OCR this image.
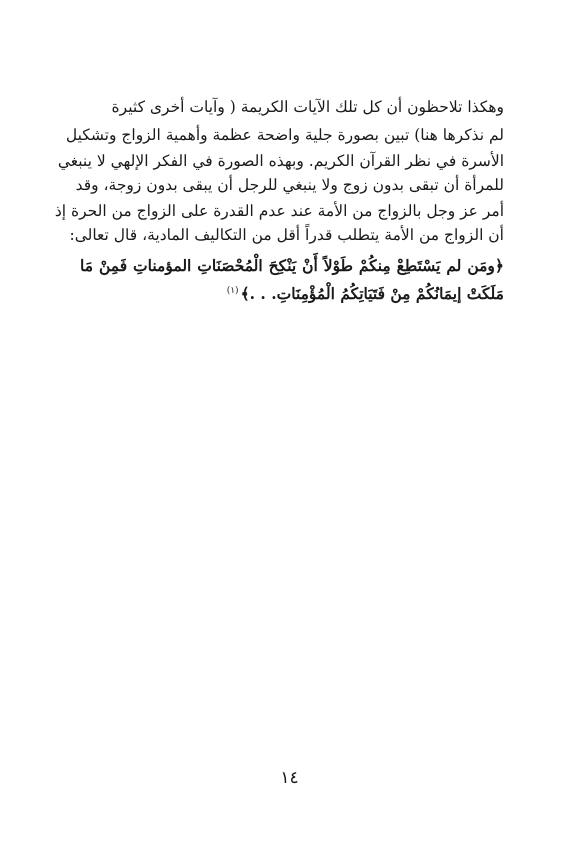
وهكذا تلاحظون أن كل تلك الآيات الكريمة ( وآيات أخرى كثيرة
لم نذكرها هنا) تبين بصورة جلية واضحة عظمة وأهمية الزواج وتشكيل
الأسرة في نظر القرآن الكريم. وبهذه الصورة في الفكر الإلهي لا ينبغي
للمرأة أن تبقى بدون زوج ولا ينبغي للرجل أن يبقى بدون زوجة، وقد
أمر عز وجل بالزواج من الأمة عند عدم القدرة على الزواج من الحرة إذ
أن الزواج من الأمة يتطلب قدراً أقل من التكاليف المادية، قال تعالى:
﴿ومَن لم يَسْتَطِعْ مِنكُمْ طَوْلاً أَنْ يَنْكِحَ الْمُحْصَنَاتِ المؤمناتِ فَمِنْ مَا
مَلَكَتْ إيمَانُكُمْ مِنْ فَتَيَاتِكُمُ الْمُؤْمِنَاتِ. . .﴾$^{(١)}$
١٤
